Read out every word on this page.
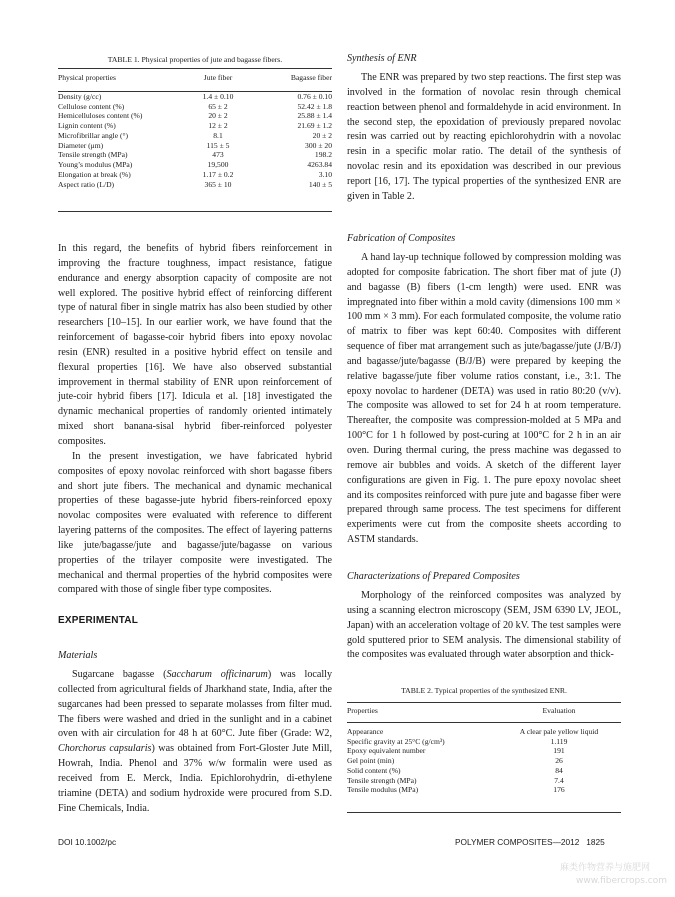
TABLE 1. Physical properties of jute and bagasse fibers.
Physical properties	Jute fiber	Bagasse fiber

Density (g/cc)	1.4 ± 0.10	0.76 ± 0.10
Cellulose content (%)	65 ± 2	52.42 ± 1.8
Hemicelluloses content (%)	20 ± 2	25.88 ± 1.4
Lignin content (%)	12 ± 2	21.69 ± 1.2
Microfibrillar angle (°)	8.1	20 ± 2
Diameter (μm)	115 ± 5	300 ± 20
Tensile strength (MPa)	473	198.2
Young’s modulus (MPa)	19,500	4263.84
Elongation at break (%)	1.17 ± 0.2	3.10
Aspect ratio (L/D)	365 ± 10	140 ± 5

In this regard, the benefits of hybrid fibers reinforcement in improving the fracture toughness, impact resistance, fatigue endurance and energy absorption capacity of composite are not well explored. The positive hybrid effect of reinforcing different type of natural fiber in single matrix has also been studied by other researchers [10–15]. In our earlier work, we have found that the reinforcement of bagasse-coir hybrid fibers into epoxy novolac resin (ENR) resulted in a positive hybrid effect on tensile and flexural properties [16]. We have also observed substantial improvement in thermal stability of ENR upon reinforcement of jute-coir hybrid fibers [17]. Idicula et al. [18] investigated the dynamic mechanical properties of randomly oriented intimately mixed short banana-sisal hybrid fiber-reinforced polyester composites.

In the present investigation, we have fabricated hybrid composites of epoxy novolac reinforced with short bagasse fibers and short jute fibers. The mechanical and dynamic mechanical properties of these bagasse-jute hybrid fibers-reinforced epoxy novolac composites were evaluated with reference to different layering patterns of the composites. The effect of layering patterns like jute/bagasse/jute and bagasse/jute/bagasse on various properties of the trilayer composite were investigated. The mechanical and thermal properties of the hybrid composites were compared with those of single fiber type composites.

EXPERIMENTAL

Materials

Sugarcane bagasse (Saccharum officinarum) was locally collected from agricultural fields of Jharkhand state, India, after the sugarcanes had been pressed to separate molasses from filter mud. The fibers were washed and dried in the sunlight and in a cabinet oven with air circulation for 48 h at 60°C. Jute fiber (Grade: W2, Chorchorus capsularis) was obtained from Fort-Gloster Jute Mill, Howrah, India. Phenol and 37% w/w formalin were used as received from E. Merck, India. Epichlorohydrin, di-ethylene triamine (DETA) and sodium hydroxide were procured from S.D. Fine Chemicals, India.

Synthesis of ENR

The ENR was prepared by two step reactions. The first step was involved in the formation of novolac resin through chemical reaction between phenol and formaldehyde in acid environment. In the second step, the epoxidation of previously prepared novolac resin was carried out by reacting epichlorohydrin with a novolac resin in a specific molar ratio. The detail of the synthesis of novolac resin and its epoxidation was described in our previous report [16, 17]. The typical properties of the synthesized ENR are given in Table 2.

Fabrication of Composites

A hand lay-up technique followed by compression molding was adopted for composite fabrication. The short fiber mat of jute (J) and bagasse (B) fibers (1-cm length) were used. ENR was impregnated into fiber within a mold cavity (dimensions 100 mm × 100 mm × 3 mm). For each formulated composite, the volume ratio of matrix to fiber was kept 60:40. Composites with different sequence of fiber mat arrangement such as jute/bagasse/jute (J/B/J) and bagasse/jute/bagasse (B/J/B) were prepared by keeping the relative bagasse/jute fiber volume ratios constant, i.e., 3:1. The epoxy novolac to hardener (DETA) was used in ratio 80:20 (v/v). The composite was allowed to set for 24 h at room temperature. Thereafter, the composite was compression-molded at 5 MPa and 100°C for 1 h followed by post-curing at 100°C for 2 h in an air oven. During thermal curing, the press machine was degassed to remove air bubbles and voids. A sketch of the different layer configurations are given in Fig. 1. The pure epoxy novolac sheet and its composites reinforced with pure jute and bagasse fiber were prepared through same process. The test specimens for different experiments were cut from the composite sheets according to ASTM standards.

Characterizations of Prepared Composites

Morphology of the reinforced composites was analyzed by using a scanning electron microscopy (SEM, JSM 6390 LV, JEOL, Japan) with an acceleration voltage of 20 kV. The test samples were gold sputtered prior to SEM analysis. The dimensional stability of the composites was evaluated through water absorption and thick-

TABLE 2. Typical properties of the synthesized ENR.
Properties	Evaluation

Appearance	A clear pale yellow liquid
Specific gravity at 25°C (g/cm³)	1.119
Epoxy equivalent number	191
Gel point (min)	26
Solid content (%)	84
Tensile strength (MPa)	7.4
Tensile modulus (MPa)	176
DOI 10.1002/pc	POLYMER COMPOSITES—2012 1825
麻类作物营养与施肥网
www.fibercrops.com
